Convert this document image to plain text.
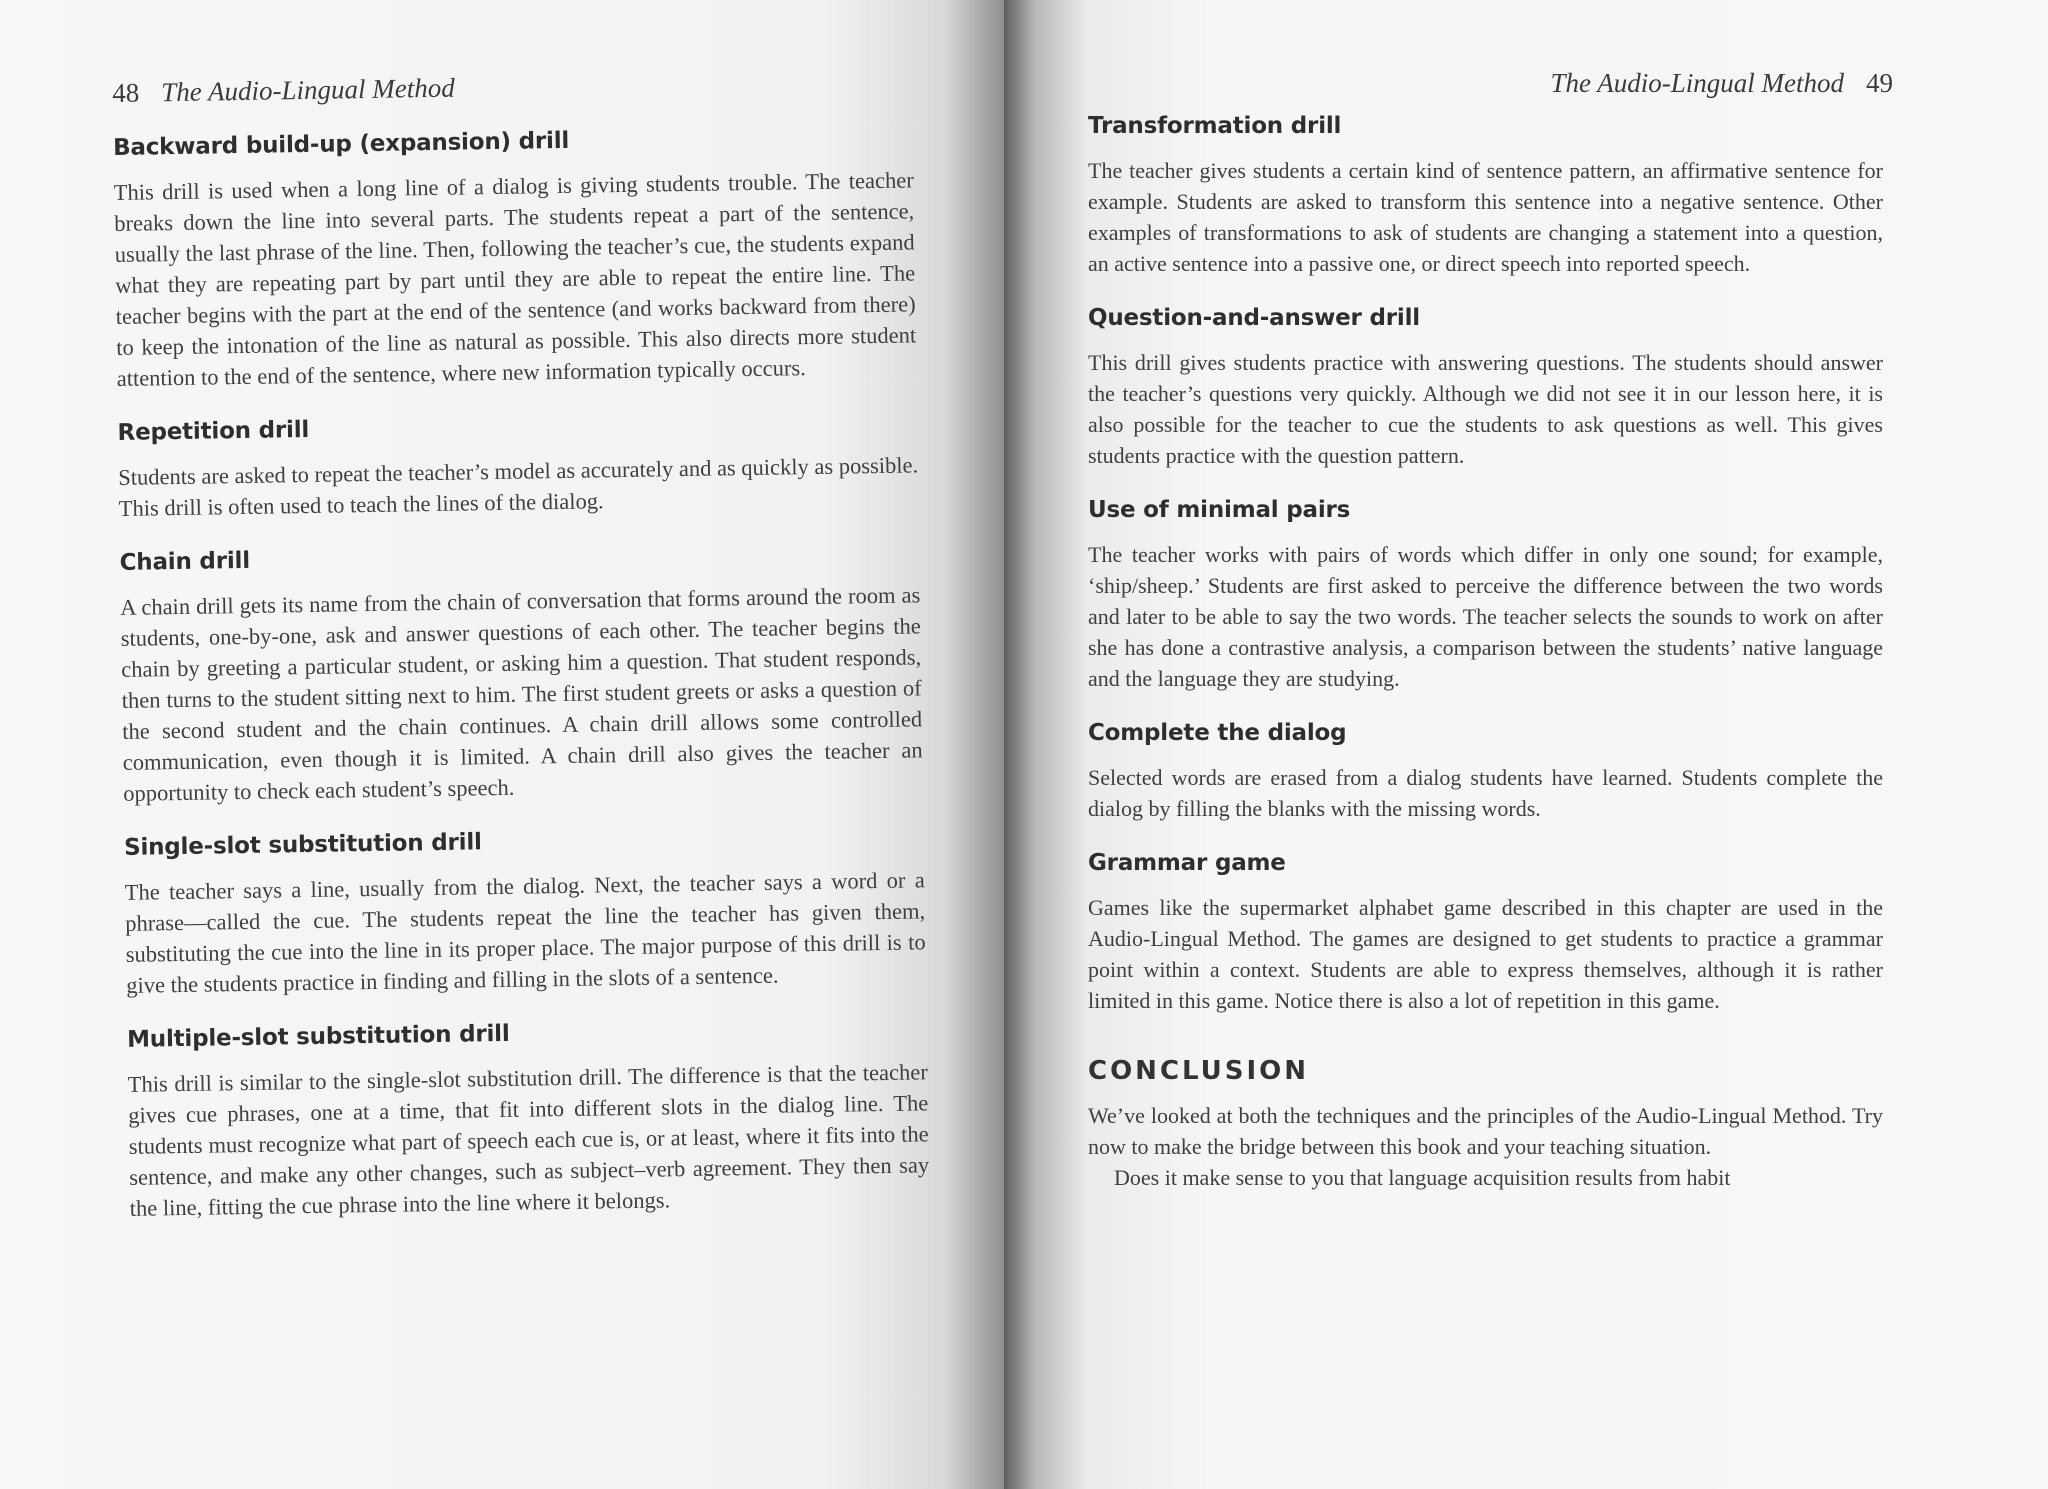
48 The Audio-Lingual Method
Backward build-up (expansion) drill

This drill is used when a long line of a dialog is giving students trouble. The teacher breaks down the line into several parts. The students repeat a part of the sentence, usually the last phrase of the line. Then, following the teacher’s cue, the students expand what they are repeating part by part until they are able to repeat the entire line. The teacher begins with the part at the end of the sentence (and works backward from there) to keep the intonation of the line as natural as possible. This also directs more student attention to the end of the sentence, where new information typically occurs.

Repetition drill

Students are asked to repeat the teacher’s model as accurately and as quickly as possible. This drill is often used to teach the lines of the dialog.

Chain drill

A chain drill gets its name from the chain of conversation that forms around the room as students, one-by-one, ask and answer questions of each other. The teacher begins the chain by greeting a particular student, or asking him a question. That student responds, then turns to the student sitting next to him. The first student greets or asks a question of the second student and the chain continues. A chain drill allows some controlled communication, even though it is limited. A chain drill also gives the teacher an opportunity to check each student’s speech.

Single-slot substitution drill

The teacher says a line, usually from the dialog. Next, the teacher says a word or a phrase—called the cue. The students repeat the line the teacher has given them, substituting the cue into the line in its proper place. The major purpose of this drill is to give the students practice in finding and filling in the slots of a sentence.

Multiple-slot substitution drill

This drill is similar to the single-slot substitution drill. The difference is that the teacher gives cue phrases, one at a time, that fit into different slots in the dialog line. The students must recognize what part of speech each cue is, or at least, where it fits into the sentence, and make any other changes, such as subject–verb agreement. They then say the line, fitting the cue phrase into the line where it belongs.

The Audio-Lingual Method 49
Transformation drill

The teacher gives students a certain kind of sentence pattern, an affirmative sentence for example. Students are asked to transform this sentence into a negative sentence. Other examples of transformations to ask of students are changing a statement into a question, an active sentence into a passive one, or direct speech into reported speech.

Question-and-answer drill

This drill gives students practice with answering questions. The students should answer the teacher’s questions very quickly. Although we did not see it in our lesson here, it is also possible for the teacher to cue the students to ask questions as well. This gives students practice with the question pattern.

Use of minimal pairs

The teacher works with pairs of words which differ in only one sound; for example, ‘ship/sheep.’ Students are first asked to perceive the difference between the two words and later to be able to say the two words. The teacher selects the sounds to work on after she has done a contrastive analysis, a comparison between the students’ native language and the language they are studying.

Complete the dialog

Selected words are erased from a dialog students have learned. Students complete the dialog by filling the blanks with the missing words.

Grammar game

Games like the supermarket alphabet game described in this chapter are used in the Audio-Lingual Method. The games are designed to get students to practice a grammar point within a context. Students are able to express themselves, although it is rather limited in this game. Notice there is also a lot of repetition in this game.

CONCLUSION

We’ve looked at both the techniques and the principles of the Audio-Lingual Method. Try now to make the bridge between this book and your teaching situation.

Does it make sense to you that language acquisition results from habit
